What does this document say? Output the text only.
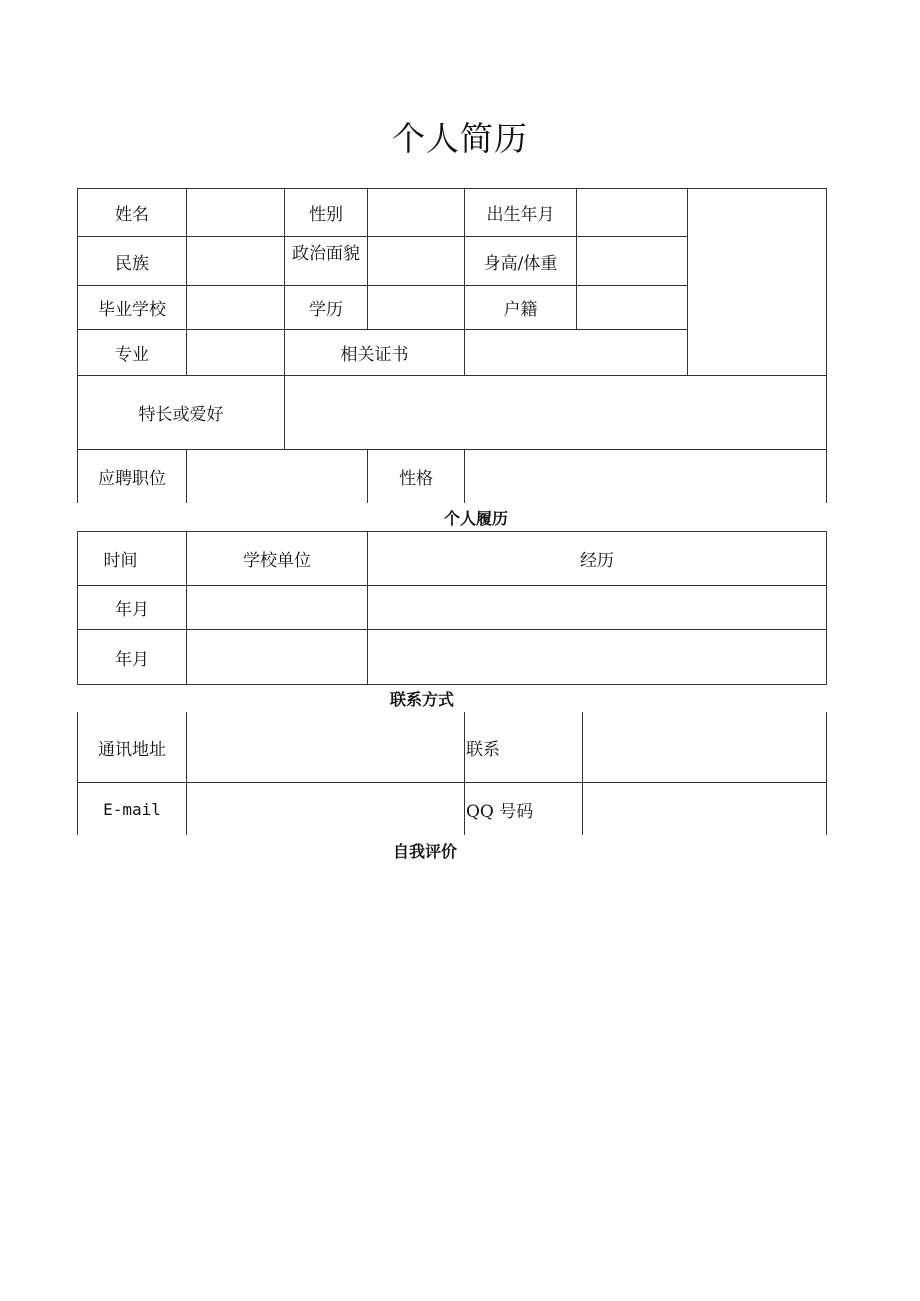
个人简历
姓名	性别	出生年月
民族	政治面貌	身高/体重
毕业学校	学历	户籍
专业	相关证书
特长或爱好
应聘职位	性格
个人履历
时间	学校单位	经历
年月
年月
联系方式
通讯地址	联系
E-mail	QQ 号码
自我评价
